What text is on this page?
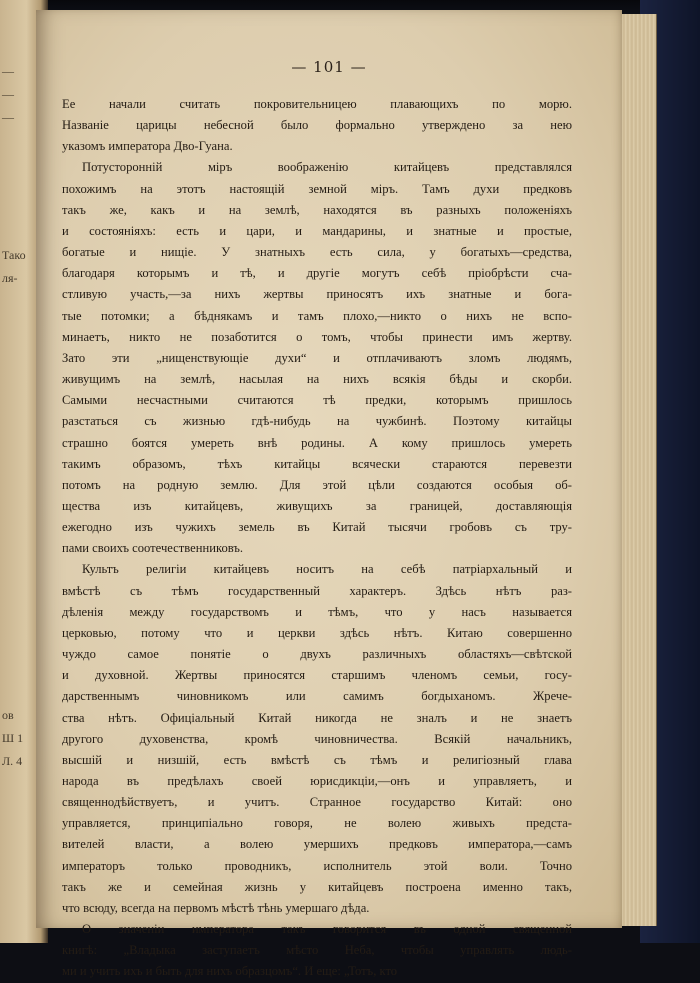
—
—
—

Тако
ля-

ов
Ш 1
Л. 4

— 101 —
Ее начали считать покровительницею плавающихъ по морю.
Названіе царицы небесной было формально утверждено за нею
указомъ императора Дво-Гуана.
Потусторонній міръ воображенію китайцевъ представлялся
похожимъ на этотъ настоящій земной міръ. Тамъ духи предковъ
такъ же, какъ и на землѣ, находятся въ разныхъ положеніяхъ
и состояніяхъ: есть и цари, и мандарины, и знатные и простые,
богатые и нищіе. У знатныхъ есть сила, у богатыхъ—средства,
благодаря которымъ и тѣ, и другіе могутъ себѣ пріобрѣсти сча-
стливую участь,—за нихъ жертвы приносятъ ихъ знатные и бога-
тые потомки; а бѣднякамъ и тамъ плохо,—никто о нихъ не вспо-
минаетъ, никто не позаботится о томъ, чтобы принести имъ жертву.
Зато эти „нищенствующіе духи“ и отплачиваютъ зломъ людямъ,
живущимъ на землѣ, насылая на нихъ всякія бѣды и скорби.
Самыми несчастными считаются тѣ предки, которымъ пришлось
разстаться съ жизнью гдѣ-нибудь на чужбинѣ. Поэтому китайцы
страшно боятся умереть внѣ родины. А кому пришлось умереть
такимъ образомъ, тѣхъ китайцы всячески стараются перевезти
потомъ на родную землю. Для этой цѣли создаются особыя об-
щества изъ китайцевъ, живущихъ за границей, доставляющія
ежегодно изъ чужихъ земель въ Китай тысячи гробовъ съ тру-
пами своихъ соотечественниковъ.
Культъ религіи китайцевъ носитъ на себѣ патріархальный и
вмѣстѣ съ тѣмъ государственный характеръ. Здѣсь нѣтъ раз-
дѣленія между государствомъ и тѣмъ, что у насъ называется
церковью, потому что и церкви здѣсь нѣтъ. Китаю совершенно
чуждо самое понятіе о двухъ различныхъ областяхъ—свѣтской
и духовной. Жертвы приносятся старшимъ членомъ семьи, госу-
дарственнымъ чиновникомъ или самимъ богдыханомъ. Жрече-
ства нѣтъ. Офиціальный Китай никогда не зналъ и не знаетъ
другого духовенства, кромѣ чиновничества. Всякій начальникъ,
высшій и низшій, есть вмѣстѣ съ тѣмъ и религіозный глава
народа въ предѣлахъ своей юрисдикціи,—онъ и управляетъ, и
священнодѣйствуетъ, и учитъ. Странное государство Китай: оно
управляется, принципіально говоря, не волею живыхъ предста-
вителей власти, а волею умершихъ предковъ императора,—самъ
императоръ только проводникъ, исполнитель этой воли. Точно
такъ же и семейная жизнь у китайцевъ построена именно такъ,
что всюду, всегда на первомъ мѣстѣ тѣнь умершаго дѣда.
О значеніи императора такъ говорится въ одной священной
книгѣ: „Владыка заступаетъ мѣсто Неба, чтобы управлять людь-
ми и учить ихъ и быть для нихъ образцомъ“. И еще: „Тотъ, кто
